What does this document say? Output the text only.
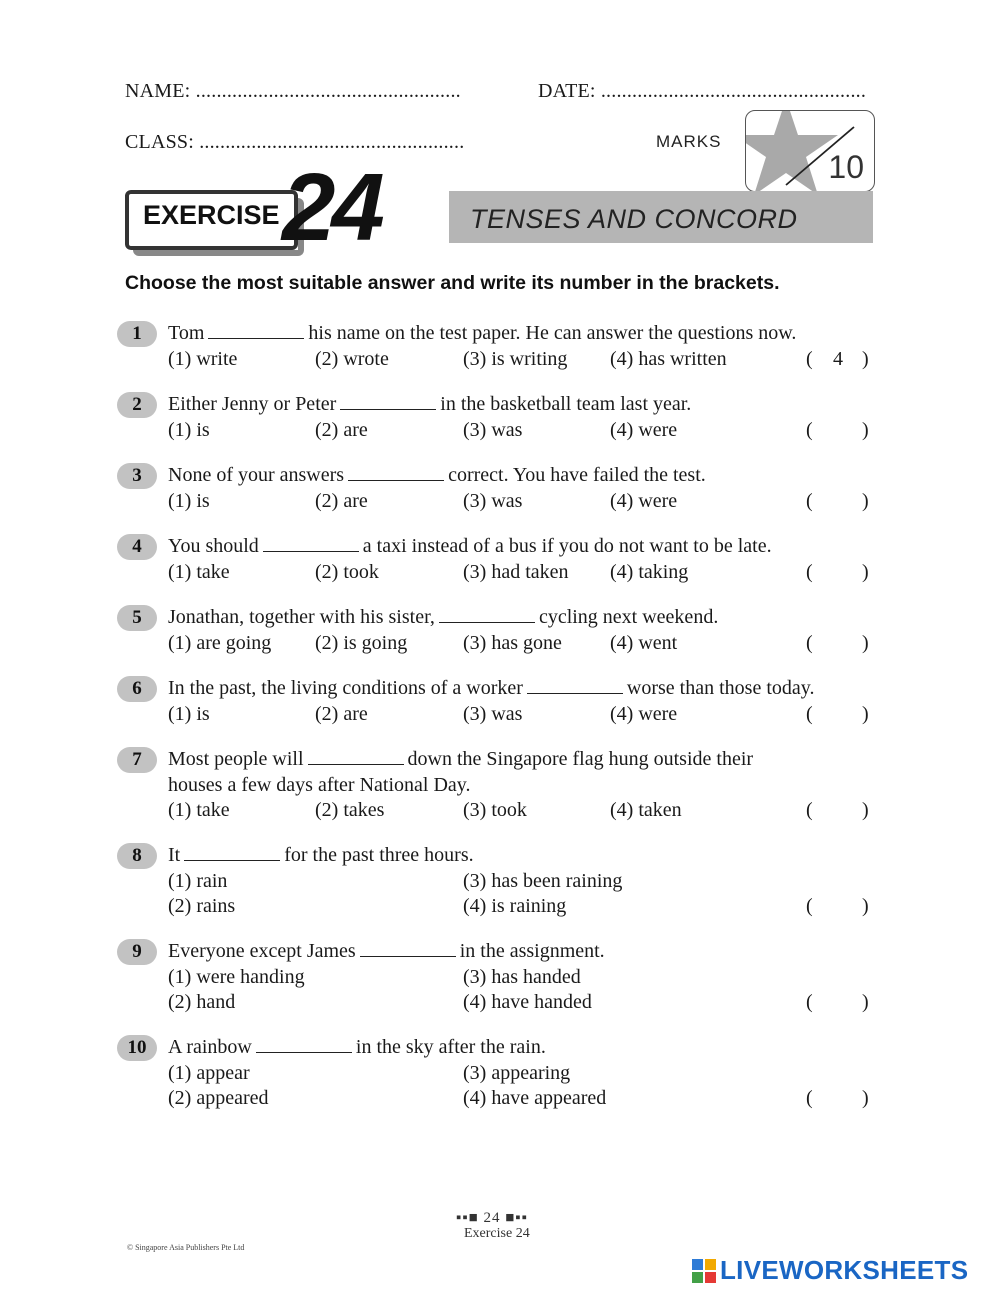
NAME: ...................................................	DATE: ...................................................
CLASS: ...................................................	MARKS
10
EXERCISE 24	TENSES AND CONCORD
Choose the most suitable answer and write its number in the brackets.
1	Tom	his name on the test paper. He can answer the questions now.
(1) write	(2) wrote	(3) is writing (4) has written	(	4 )
2	Either Jenny or Peter	in the basketball team last year.
(1) is	(2) are	(3) was	(4) were	( )
3	None of your answers	correct. You have failed the test.
(1) is	(2) are	(3) was	(4) were	( )
4	You should	a taxi instead of a bus if you do not want to be late.
(1) take	(2) took	(3) had taken (4) taking	( )
5	Jonathan, together with his sister,	cycling next weekend.
(1) are going (2) is going	(3) has gone (4) went	( )
6	In the past, the living conditions of a worker	worse than those today.
(1) is	(2) are	(3) was	(4) were	( )
7	Most people will	down the Singapore flag hung outside their
houses a few days after National Day.
(1) take	(2) takes	(3) took	(4) taken	( )
8	It	for the past three hours.
(1) rain
(2) rains
(3) has been raining
(4) is raining	( )
9	Everyone except James	in the assignment.
(1) were handing
(2) hand
(3) has handed
(4) have handed	( )
10	A rainbow	in the sky after the rain.
(1) appear
(2) appeared
(3) appearing
(4) have appeared	( )
▪▪■ 24 ■▪▪
Exercise 24
© Singapore Asia Publishers Pte Ltd
LIVEWORKSHEETS
